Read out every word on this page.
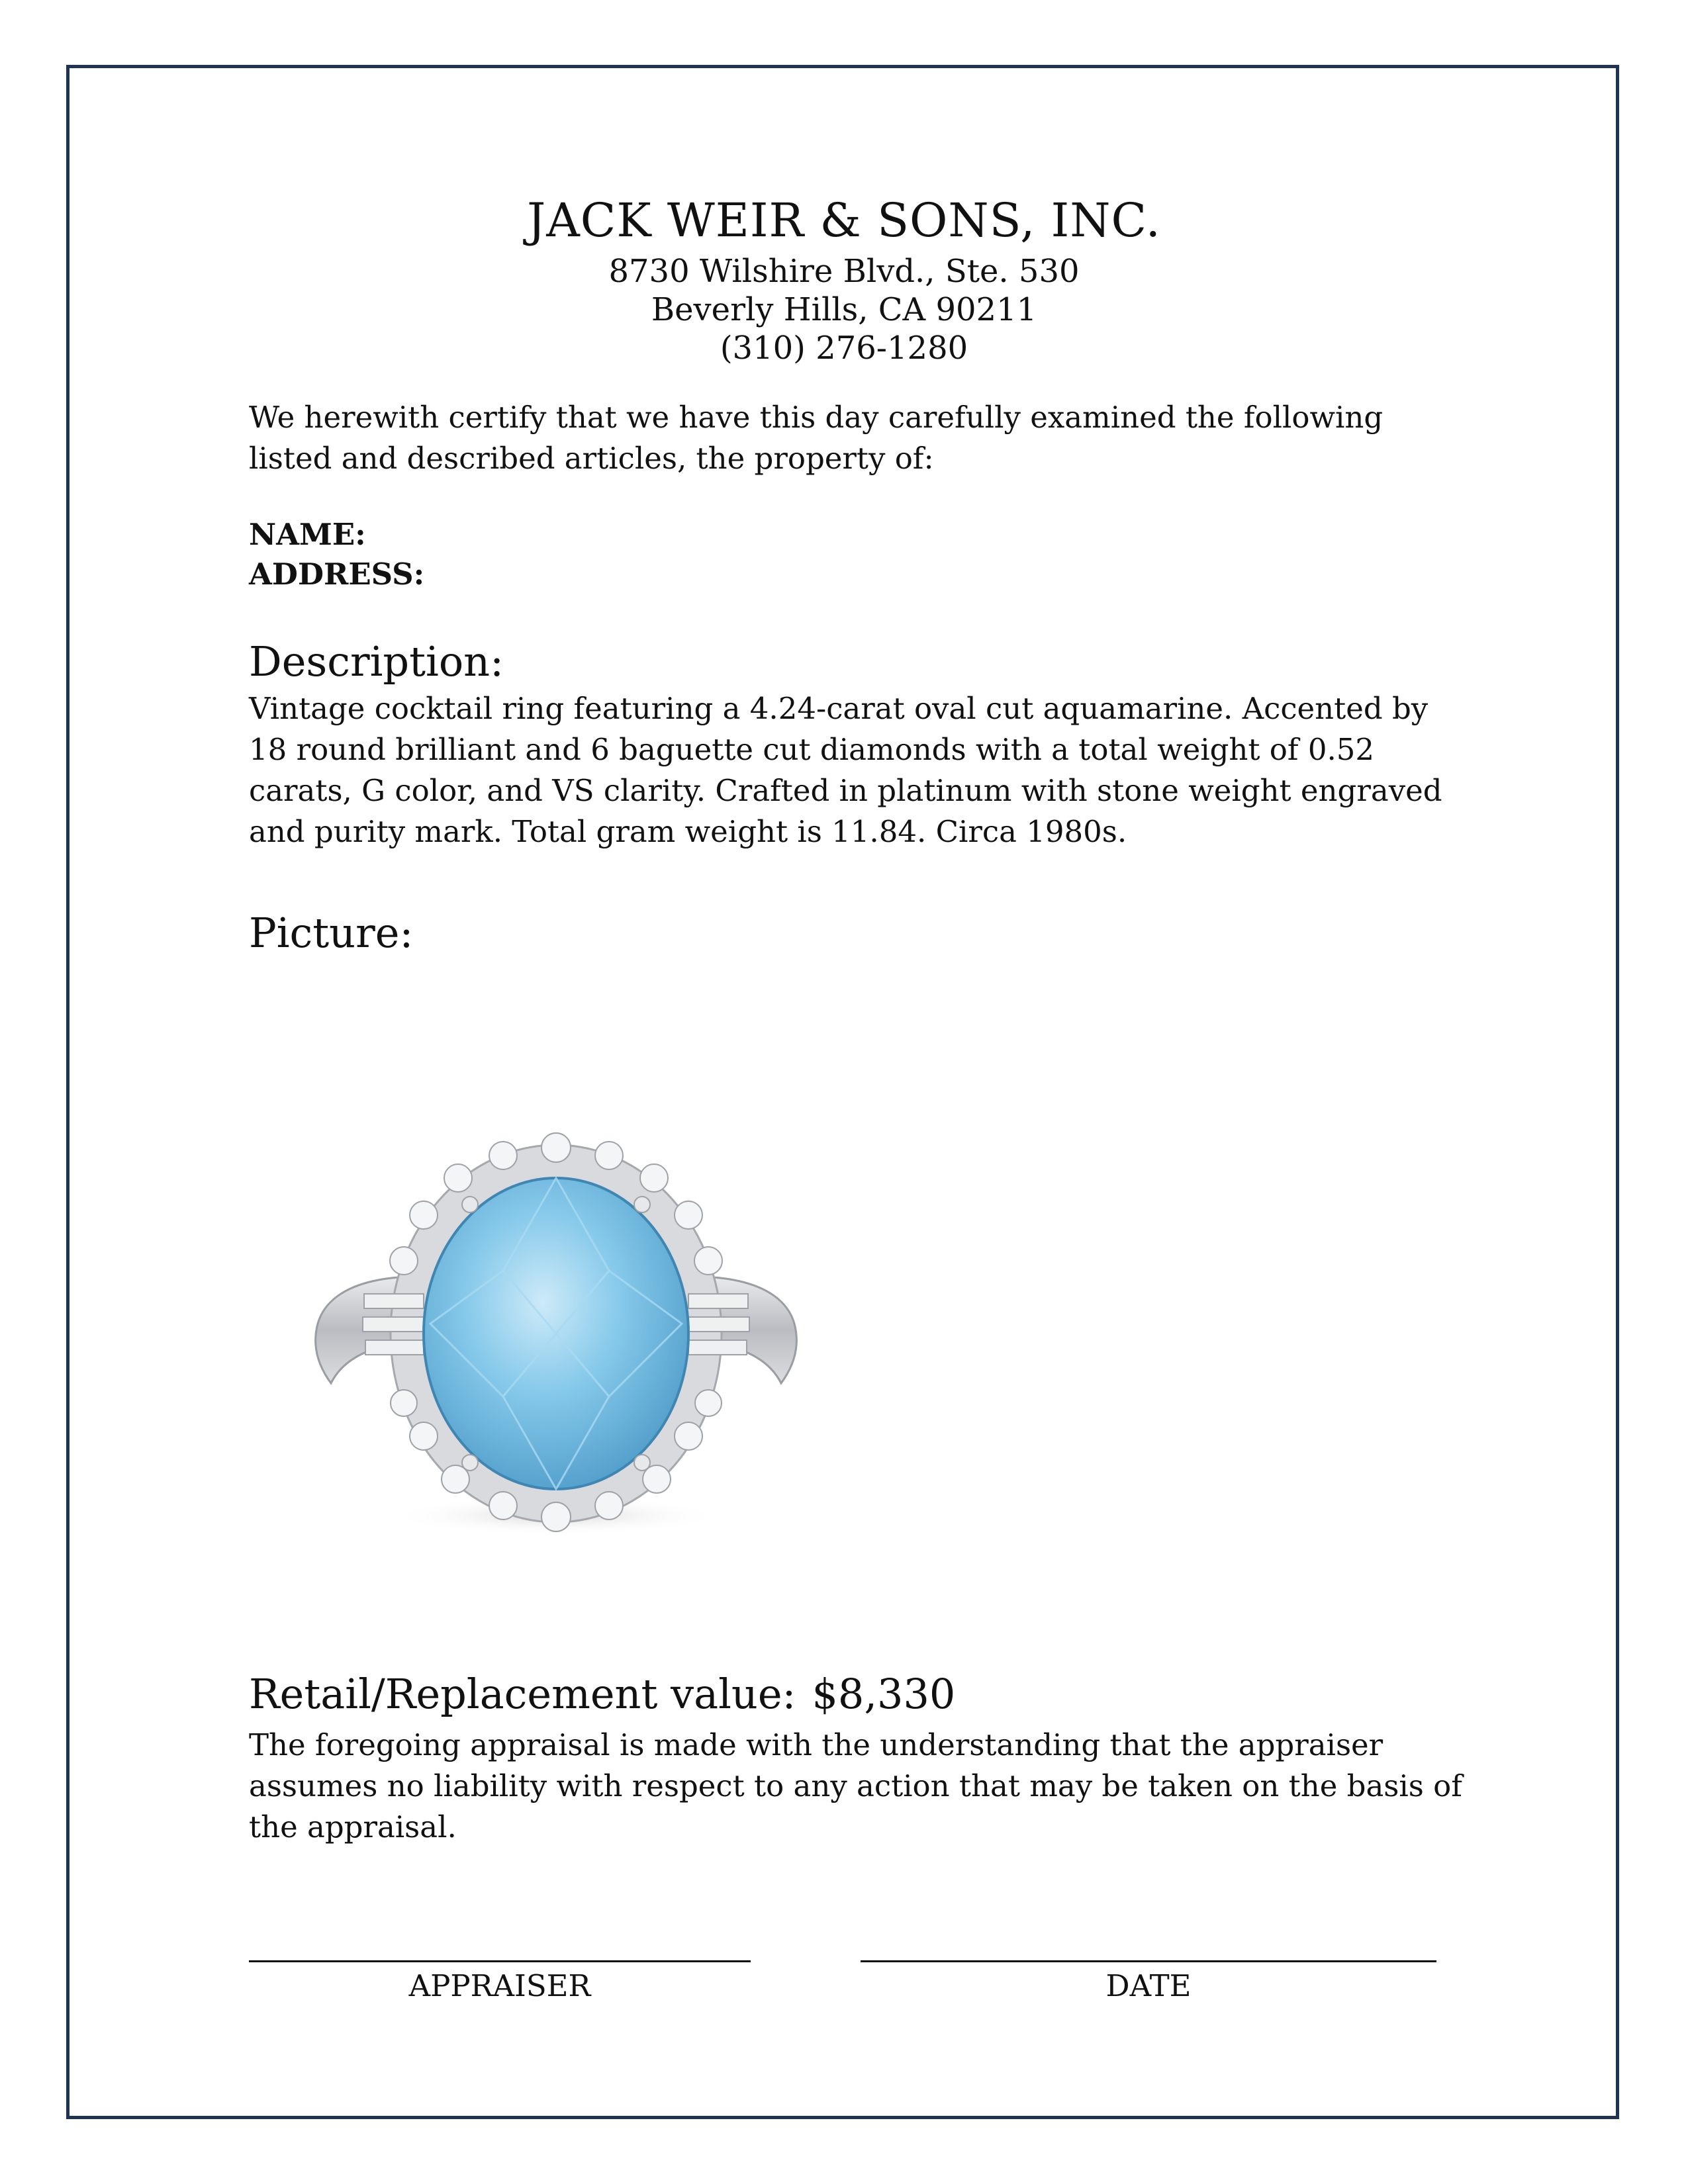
JACK WEIR & SONS, INC.
8730 Wilshire Blvd., Ste. 530
Beverly Hills, CA 90211
(310) 276-1280
We herewith certify that we have this day carefully examined the following listed and described articles, the property of:
NAME:
ADDRESS:
Description:
Vintage cocktail ring featuring a 4.24-carat oval cut aquamarine. Accented by 18 round brilliant and 6 baguette cut diamonds with a total weight of 0.52 carats, G color, and VS clarity. Crafted in platinum with stone weight engraved and purity mark. Total gram weight is 11.84. Circa 1980s.
Picture:
Retail/Replacement value: $8,330
The foregoing appraisal is made with the understanding that the appraiser assumes no liability with respect to any action that may be taken on the basis of the appraisal.
APPRAISER	DATE
